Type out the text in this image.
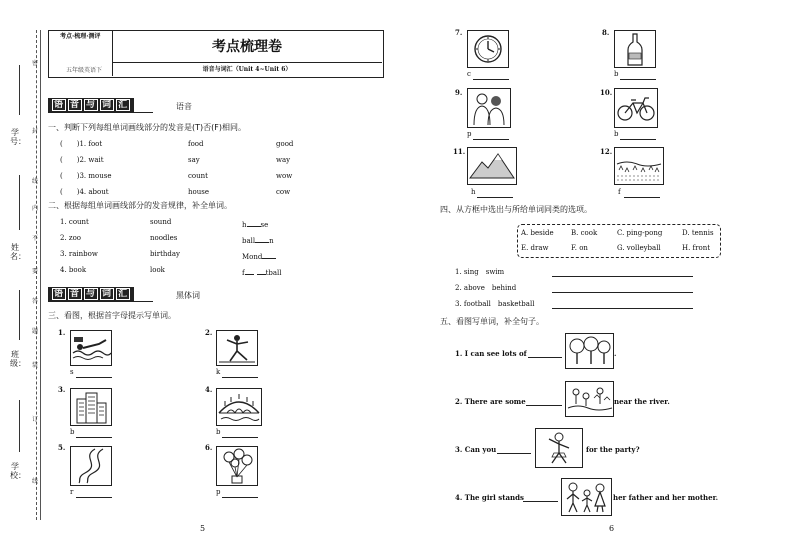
学号：
姓名：
班级：
学校：
密
封
线
内
不
要
答
题
装
订
线
考点·梳理·测评
五年级英语下
考点梳理卷
语音与词汇（Unit 4~Unit 6）
语 音 与 词 汇	语音
一、判断下列每组单词画线部分的发音是(T)否(F)相同。
(　　)1. foot	food	good
(　　)2. wait	say	way
(　　)3. mouse	count	wow
(　　)4. about	house	cow
二、根据每组单词画线部分的发音规律，补全单词。
1. count	sound	h se
2. zoo	noodles	ball n
3. rainbow	birthday	Mond
4. book	look	f	tball
语 音 与 词 汇	黑体词
三、看图，根据首字母提示写单词。
1.
s
2.
k
3.
b
4.
b
5.
r
6.
p
5
7.
c
8.
b
9.
p
10.
b
11.
h
12.
f
四、从方框中选出与所给单词同类的选项。
A. beside B. cook	C. ping-pong	D. tennis
E. draw	F. on	G. volleyball	H. front
1. sing　swim
2. above　behind
3. football　basketball
五、看图写单词，补全句子。
1. I can see lots of	.
2. There are some	near the river.
3. Can you	for the party?
4. The girl stands	her father and her mother.
6
